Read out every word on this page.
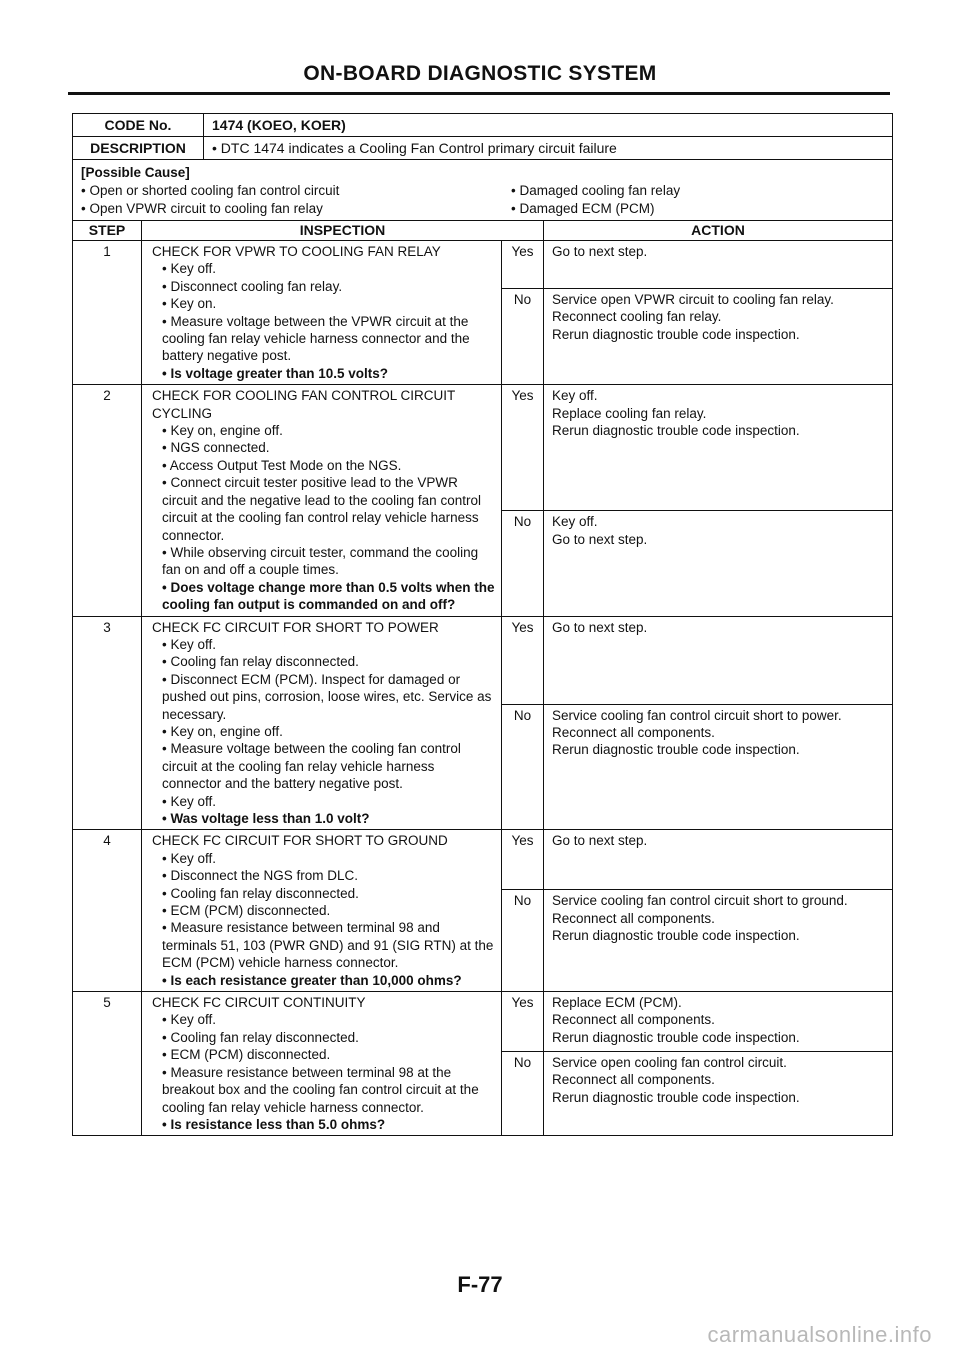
ON-BOARD DIAGNOSTIC SYSTEM
CODE No.	1474 (KOEO, KOER)
DESCRIPTION	• DTC 1474 indicates a Cooling Fan Control primary circuit failure
[Possible Cause]
• Open or shorted cooling fan control circuit	• Damaged cooling fan relay
• Open VPWR circuit to cooling fan relay	• Damaged ECM (PCM)
STEP	INSPECTION	ACTION
1	CHECK FOR VPWR TO COOLING FAN RELAY
• Key off.
• Disconnect cooling fan relay.
• Key on.
• Measure voltage between the VPWR circuit at the cooling fan relay vehicle harness connector and the battery negative post.
• Is voltage greater than 10.5 volts?
Yes	Go to next step.
No	Service open VPWR circuit to cooling fan relay.
Reconnect cooling fan relay.
Rerun diagnostic trouble code inspection.
2	CHECK FOR COOLING FAN CONTROL CIRCUIT CYCLING
• Key on, engine off.
• NGS connected.
• Access Output Test Mode on the NGS.
• Connect circuit tester positive lead to the VPWR circuit and the negative lead to the cooling fan control circuit at the cooling fan control relay vehicle harness connector.
• While observing circuit tester, command the cooling fan on and off a couple times.
• Does voltage change more than 0.5 volts when the cooling fan output is commanded on and off?
Yes	Key off.
Replace cooling fan relay.
Rerun diagnostic trouble code inspection.
No	Key off.
Go to next step.
3	CHECK FC CIRCUIT FOR SHORT TO POWER
• Key off.
• Cooling fan relay disconnected.
• Disconnect ECM (PCM). Inspect for damaged or pushed out pins, corrosion, loose wires, etc. Service as necessary.
• Key on, engine off.
• Measure voltage between the cooling fan control circuit at the cooling fan relay vehicle harness connector and the battery negative post.
• Key off.
• Was voltage less than 1.0 volt?
Yes	Go to next step.
No	Service cooling fan control circuit short to power.
Reconnect all components.
Rerun diagnostic trouble code inspection.
4	CHECK FC CIRCUIT FOR SHORT TO GROUND
• Key off.
• Disconnect the NGS from DLC.
• Cooling fan relay disconnected.
• ECM (PCM) disconnected.
• Measure resistance between terminal 98 and terminals 51, 103 (PWR GND) and 91 (SIG RTN) at the ECM (PCM) vehicle harness connector.
• Is each resistance greater than 10,000 ohms?
Yes	Go to next step.
No	Service cooling fan control circuit short to ground.
Reconnect all components.
Rerun diagnostic trouble code inspection.
5	CHECK FC CIRCUIT CONTINUITY
• Key off.
• Cooling fan relay disconnected.
• ECM (PCM) disconnected.
• Measure resistance between terminal 98 at the breakout box and the cooling fan control circuit at the cooling fan relay vehicle harness connector.
• Is resistance less than 5.0 ohms?
Yes	Replace ECM (PCM).
Reconnect all components.
Rerun diagnostic trouble code inspection.
No	Service open cooling fan control circuit.
Reconnect all components.
Rerun diagnostic trouble code inspection.
F-77
carmanualsonline.info
